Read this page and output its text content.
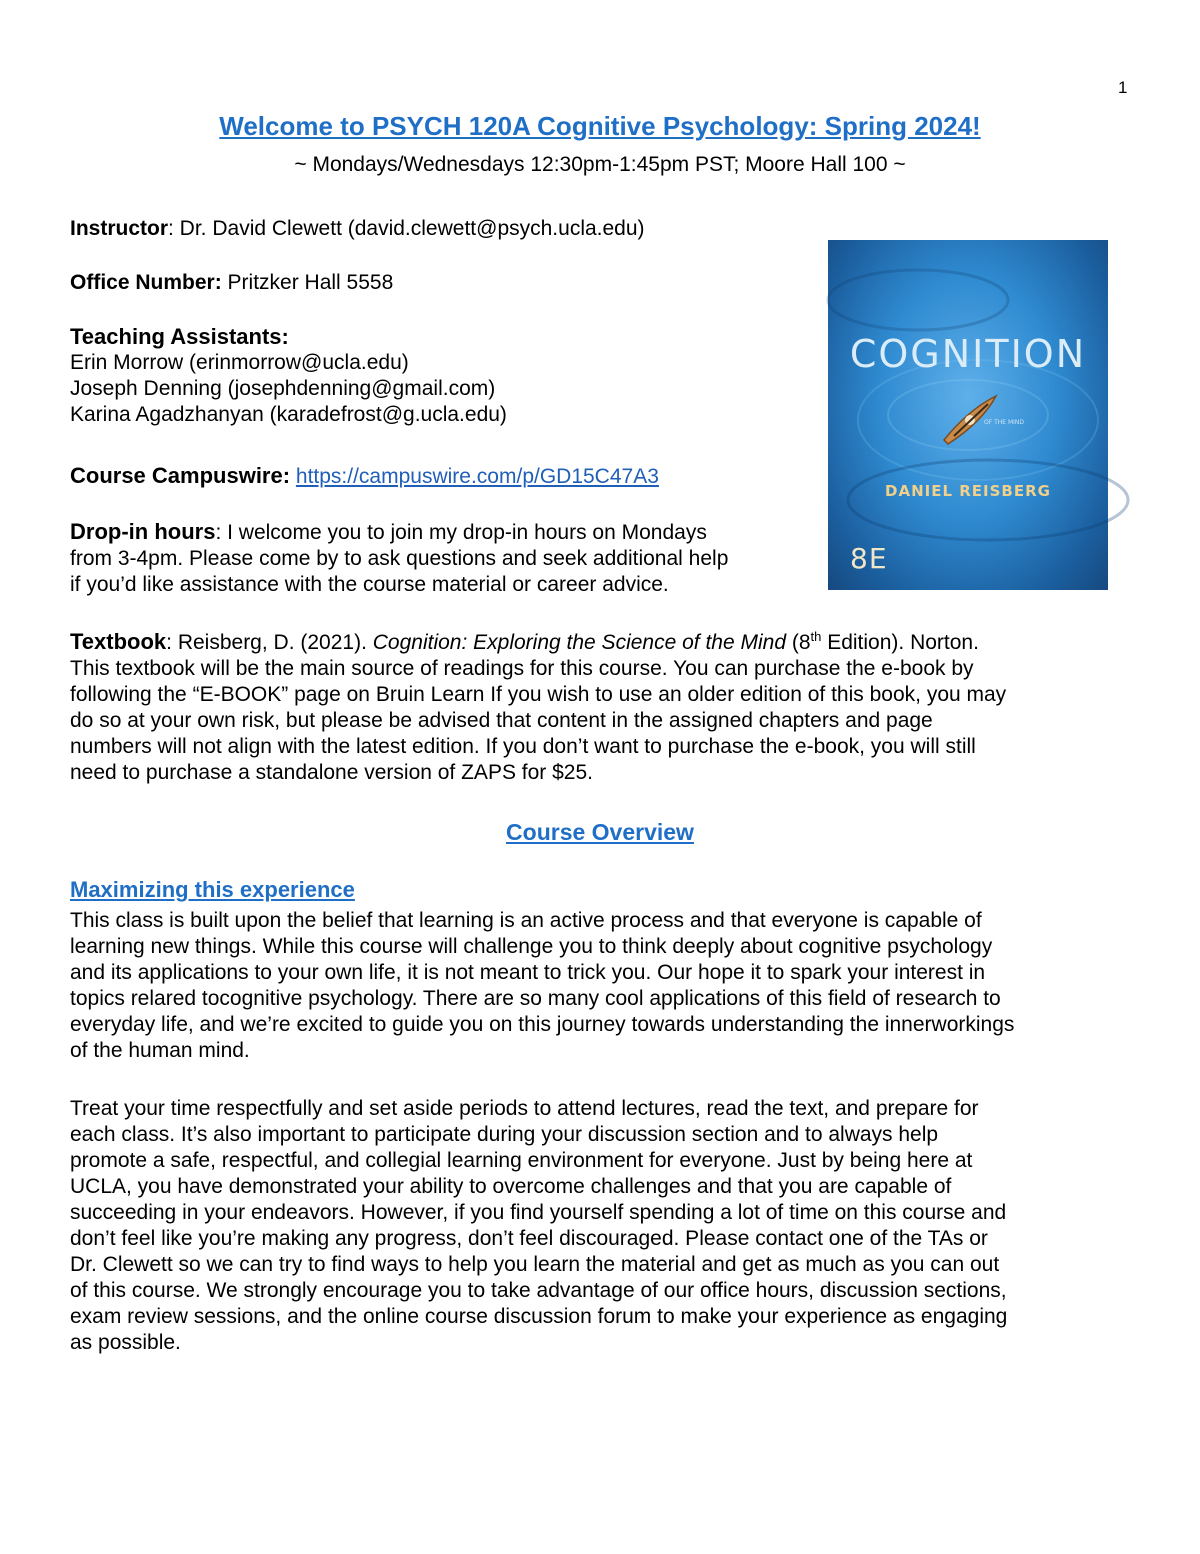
1
Welcome to PSYCH 120A Cognitive Psychology: Spring 2024!
~ Mondays/Wednesdays 12:30pm-1:45pm PST; Moore Hall 100 ~
Instructor: Dr. David Clewett (david.clewett@psych.ucla.edu)
Office Number: Pritzker Hall 5558
Teaching Assistants:
Erin Morrow (erinmorrow@ucla.edu)
Joseph Denning (josephdenning@gmail.com)
Karina Agadzhanyan (karadefrost@g.ucla.edu)
Course Campuswire: https://campuswire.com/p/GD15C47A3
Drop-in hours: I welcome you to join my drop-in hours on Mondays
from 3-4pm. Please come by to ask questions and seek additional help
if you’d like assistance with the course material or career advice.
COGNITION
OF THE MIND
DANIEL REISBERG
8E
Textbook: Reisberg, D. (2021). Cognition: Exploring the Science of the Mind (8th Edition). Norton.
This textbook will be the main source of readings for this course. You can purchase the e-book by
following the “E-BOOK” page on Bruin Learn If you wish to use an older edition of this book, you may
do so at your own risk, but please be advised that content in the assigned chapters and page
numbers will not align with the latest edition. If you don’t want to purchase the e-book, you will still
need to purchase a standalone version of ZAPS for $25.
Course Overview
Maximizing this experience
This class is built upon the belief that learning is an active process and that everyone is capable of
learning new things. While this course will challenge you to think deeply about cognitive psychology
and its applications to your own life, it is not meant to trick you. Our hope it to spark your interest in
topics relared tocognitive psychology. There are so many cool applications of this field of research to
everyday life, and we’re excited to guide you on this journey towards understanding the innerworkings
of the human mind.
Treat your time respectfully and set aside periods to attend lectures, read the text, and prepare for
each class. It’s also important to participate during your discussion section and to always help
promote a safe, respectful, and collegial learning environment for everyone. Just by being here at
UCLA, you have demonstrated your ability to overcome challenges and that you are capable of
succeeding in your endeavors. However, if you find yourself spending a lot of time on this course and
don’t feel like you’re making any progress, don’t feel discouraged. Please contact one of the TAs or
Dr. Clewett so we can try to find ways to help you learn the material and get as much as you can out
of this course. We strongly encourage you to take advantage of our office hours, discussion sections,
exam review sessions, and the online course discussion forum to make your experience as engaging
as possible.
